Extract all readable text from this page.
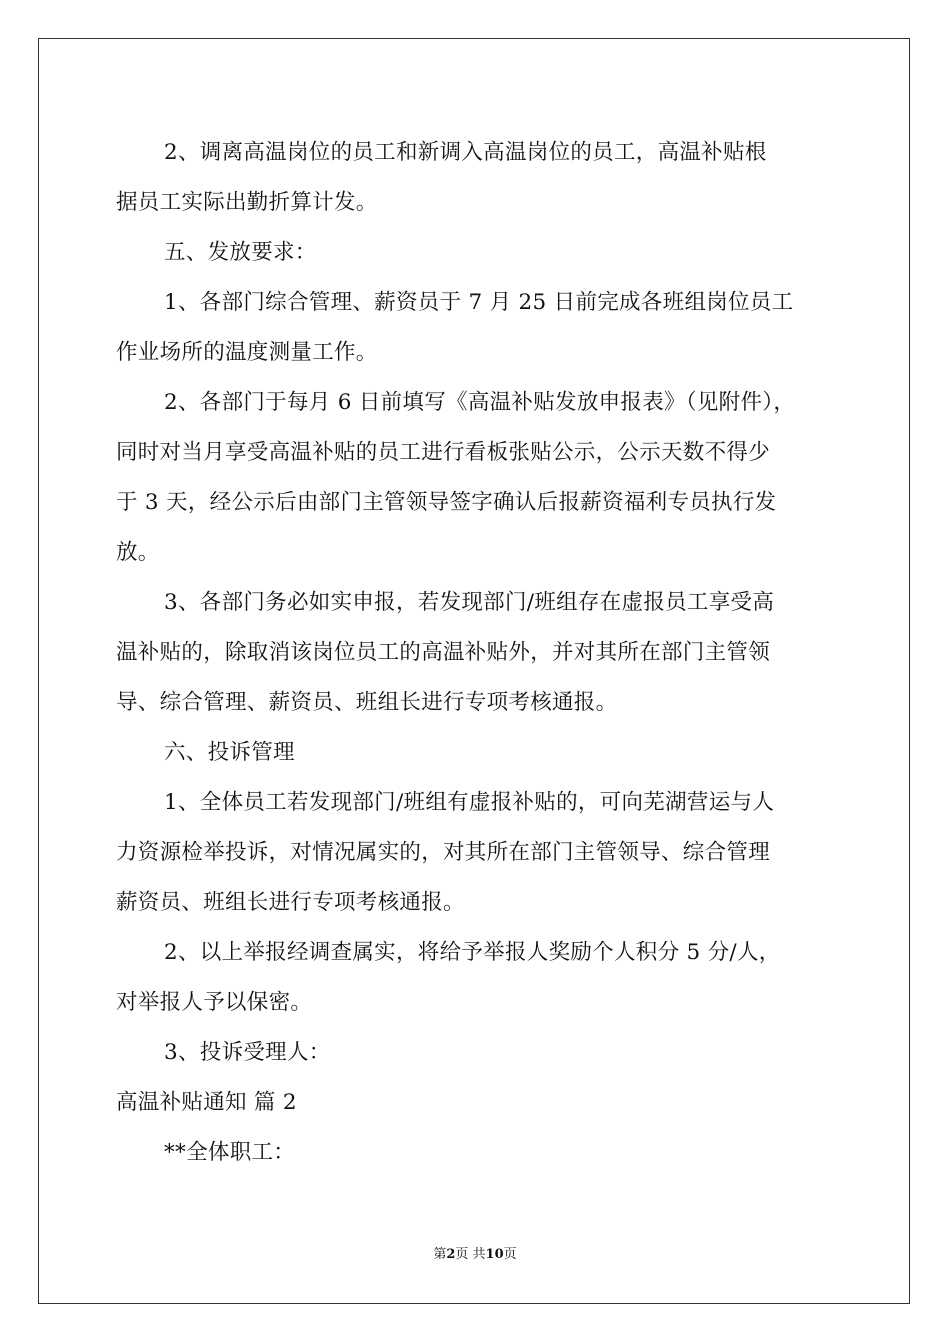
2、调离高温岗位的员工和新调入高温岗位的员工，高温补贴根
据员工实际出勤折算计发。
五、发放要求：
1、各部门综合管理、薪资员于 7 月 25 日前完成各班组岗位员工
作业场所的温度测量工作。
2、各部门于每月 6 日前填写《高温补贴发放申报表》（见附件），
同时对当月享受高温补贴的员工进行看板张贴公示，公示天数不得少
于 3 天，经公示后由部门主管领导签字确认后报薪资福利专员执行发
放。
3、各部门务必如实申报，若发现部门/班组存在虚报员工享受高
温补贴的，除取消该岗位员工的高温补贴外，并对其所在部门主管领
导、综合管理、薪资员、班组长进行专项考核通报。
六、投诉管理
1、全体员工若发现部门/班组有虚报补贴的，可向芜湖营运与人
力资源检举投诉，对情况属实的，对其所在部门主管领导、综合管理
薪资员、班组长进行专项考核通报。
2、以上举报经调查属实，将给予举报人奖励个人积分 5 分/人，
对举报人予以保密。
3、投诉受理人：
高温补贴通知 篇 2
**全体职工：
第2页 共10页
